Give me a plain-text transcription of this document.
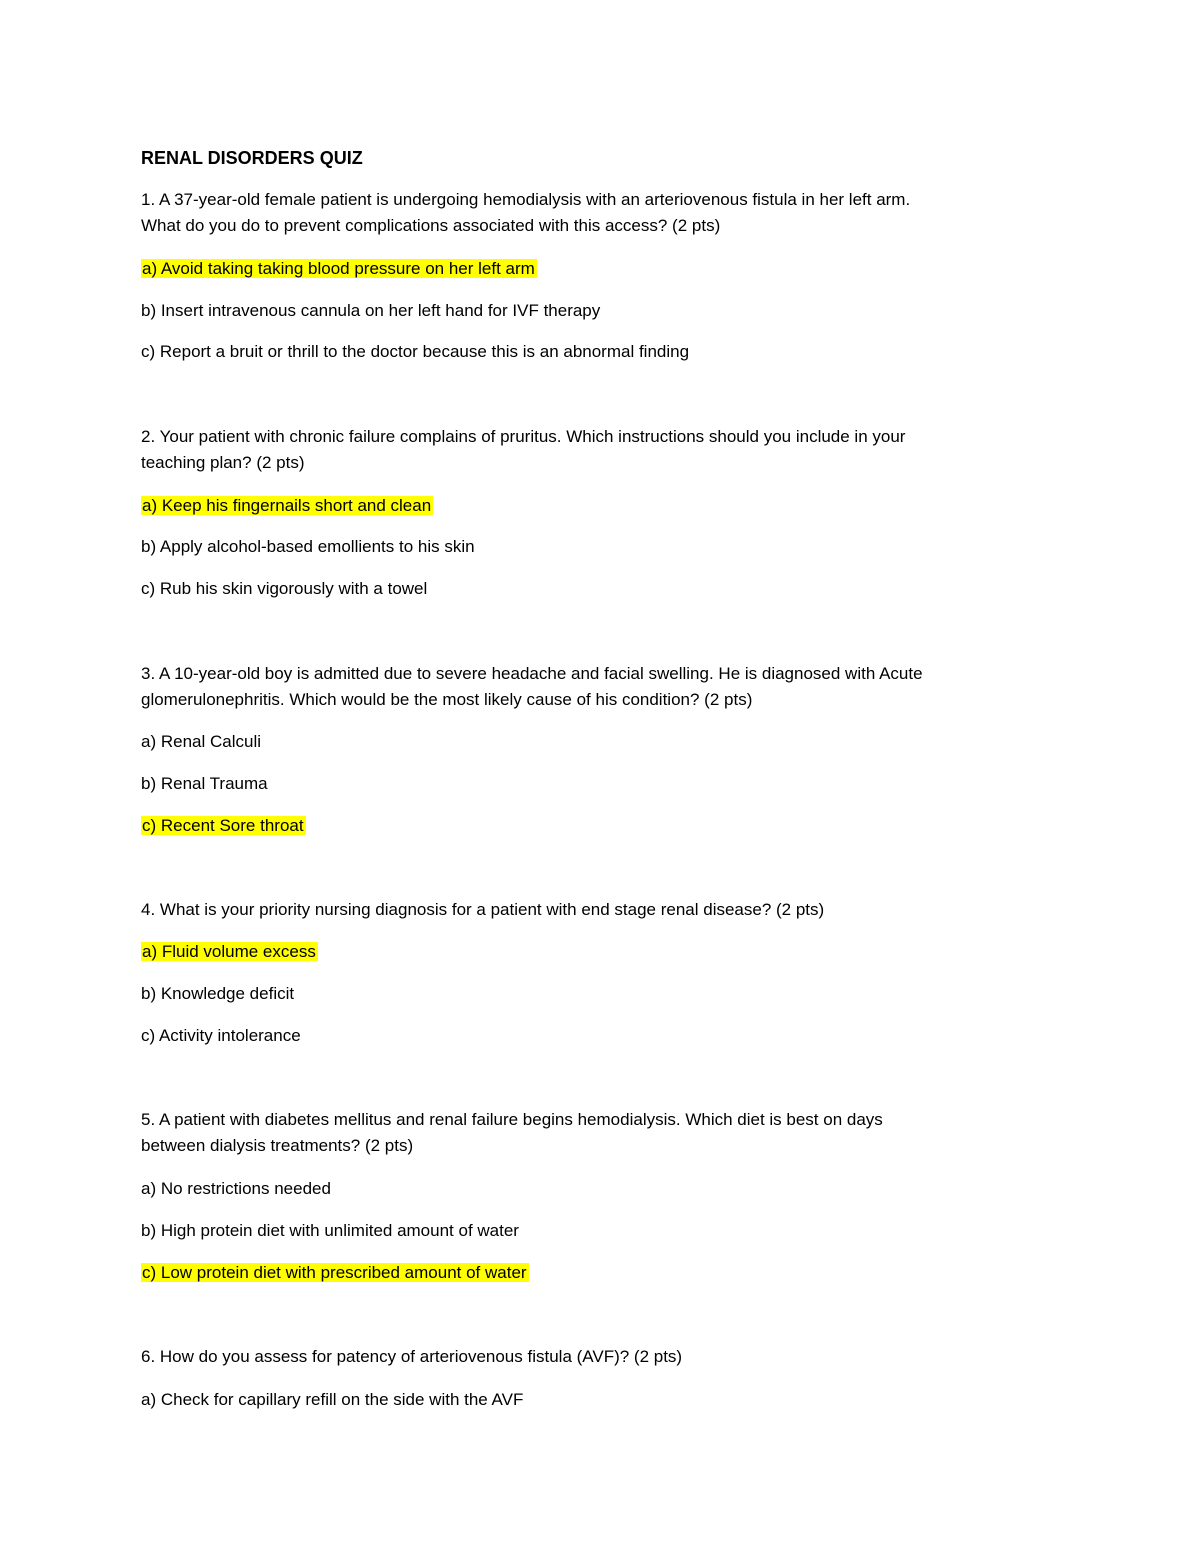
RENAL DISORDERS QUIZ
1. A 37-year-old female patient is undergoing hemodialysis with an arteriovenous fistula in her left arm.
What do you do to prevent complications associated with this access? (2 pts)
a) Avoid taking taking blood pressure on her left arm
b) Insert intravenous cannula on her left hand for IVF therapy
c) Report a bruit or thrill to the doctor because this is an abnormal finding
2. Your patient with chronic failure complains of pruritus. Which instructions should you include in your
teaching plan? (2 pts)
a) Keep his fingernails short and clean
b) Apply alcohol-based emollients to his skin
c) Rub his skin vigorously with a towel
3. A 10-year-old boy is admitted due to severe headache and facial swelling. He is diagnosed with Acute
glomerulonephritis. Which would be the most likely cause of his condition? (2 pts)
a) Renal Calculi
b) Renal Trauma
c) Recent Sore throat
4. What is your priority nursing diagnosis for a patient with end stage renal disease? (2 pts)
a) Fluid volume excess
b) Knowledge deficit
c) Activity intolerance
5. A patient with diabetes mellitus and renal failure begins hemodialysis. Which diet is best on days
between dialysis treatments? (2 pts)
a) No restrictions needed
b) High protein diet with unlimited amount of water
c) Low protein diet with prescribed amount of water
6. How do you assess for patency of arteriovenous fistula (AVF)? (2 pts)
a) Check for capillary refill on the side with the AVF
